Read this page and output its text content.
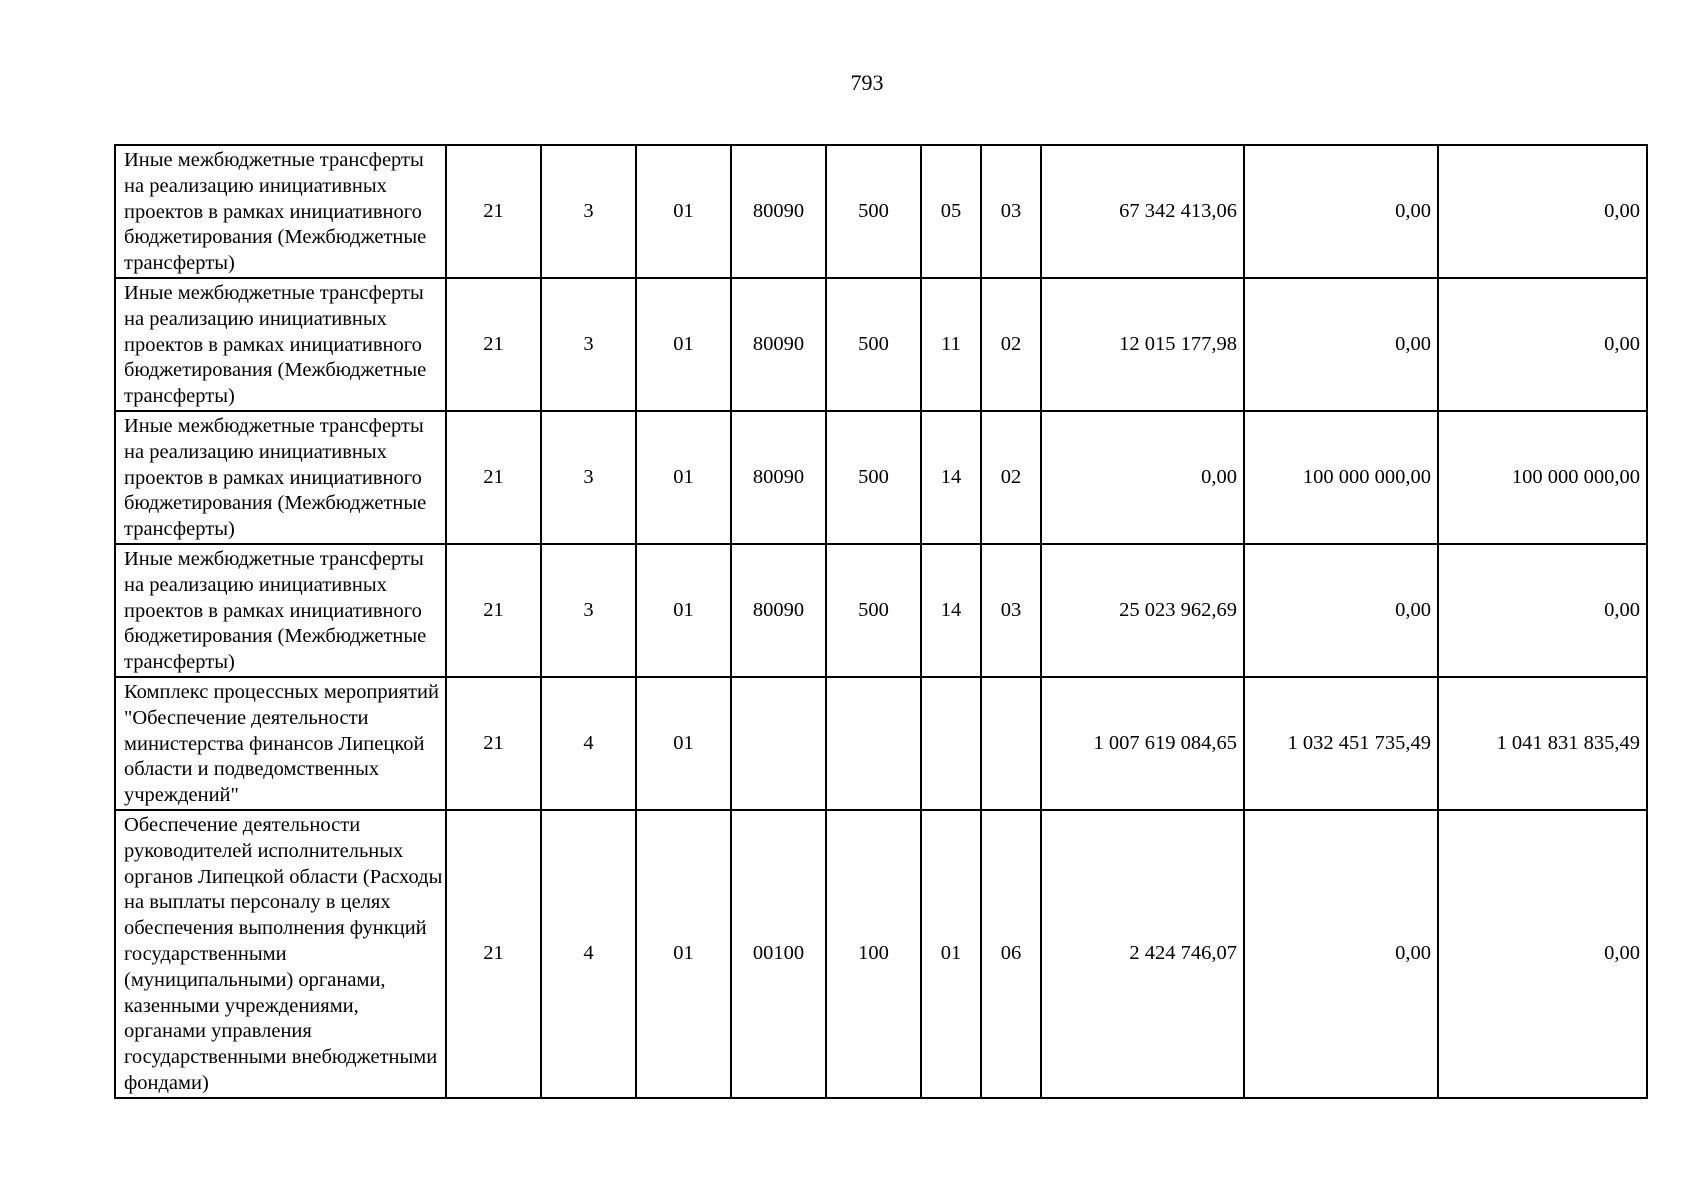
793
Иные межбюджетные трансферты на реализацию инициативных проектов в рамках инициативного бюджетирования (Межбюджетные трансферты)	21	3	01	80090	500	05	03	67 342 413,06	0,00	0,00
Иные межбюджетные трансферты на реализацию инициативных проектов в рамках инициативного бюджетирования (Межбюджетные трансферты)	21	3	01	80090	500	11	02	12 015 177,98	0,00	0,00
Иные межбюджетные трансферты на реализацию инициативных проектов в рамках инициативного бюджетирования (Межбюджетные трансферты)	21	3	01	80090	500	14	02	0,00	100 000 000,00	100 000 000,00
Иные межбюджетные трансферты на реализацию инициативных проектов в рамках инициативного бюджетирования (Межбюджетные трансферты)	21	3	01	80090	500	14	03	25 023 962,69	0,00	0,00
Комплекс процессных мероприятий "Обеспечение деятельности министерства финансов Липецкой области и подведомственных учреждений"	21	4	01					1 007 619 084,65	1 032 451 735,49	1 041 831 835,49
Обеспечение деятельности руководителей исполнительных органов Липецкой области (Расходы на выплаты персоналу в целях обеспечения выполнения функций государственными (муниципальными) органами, казенными учреждениями, органами управления государственными внебюджетными фондами)	21	4	01	00100	100	01	06	2 424 746,07	0,00	0,00
